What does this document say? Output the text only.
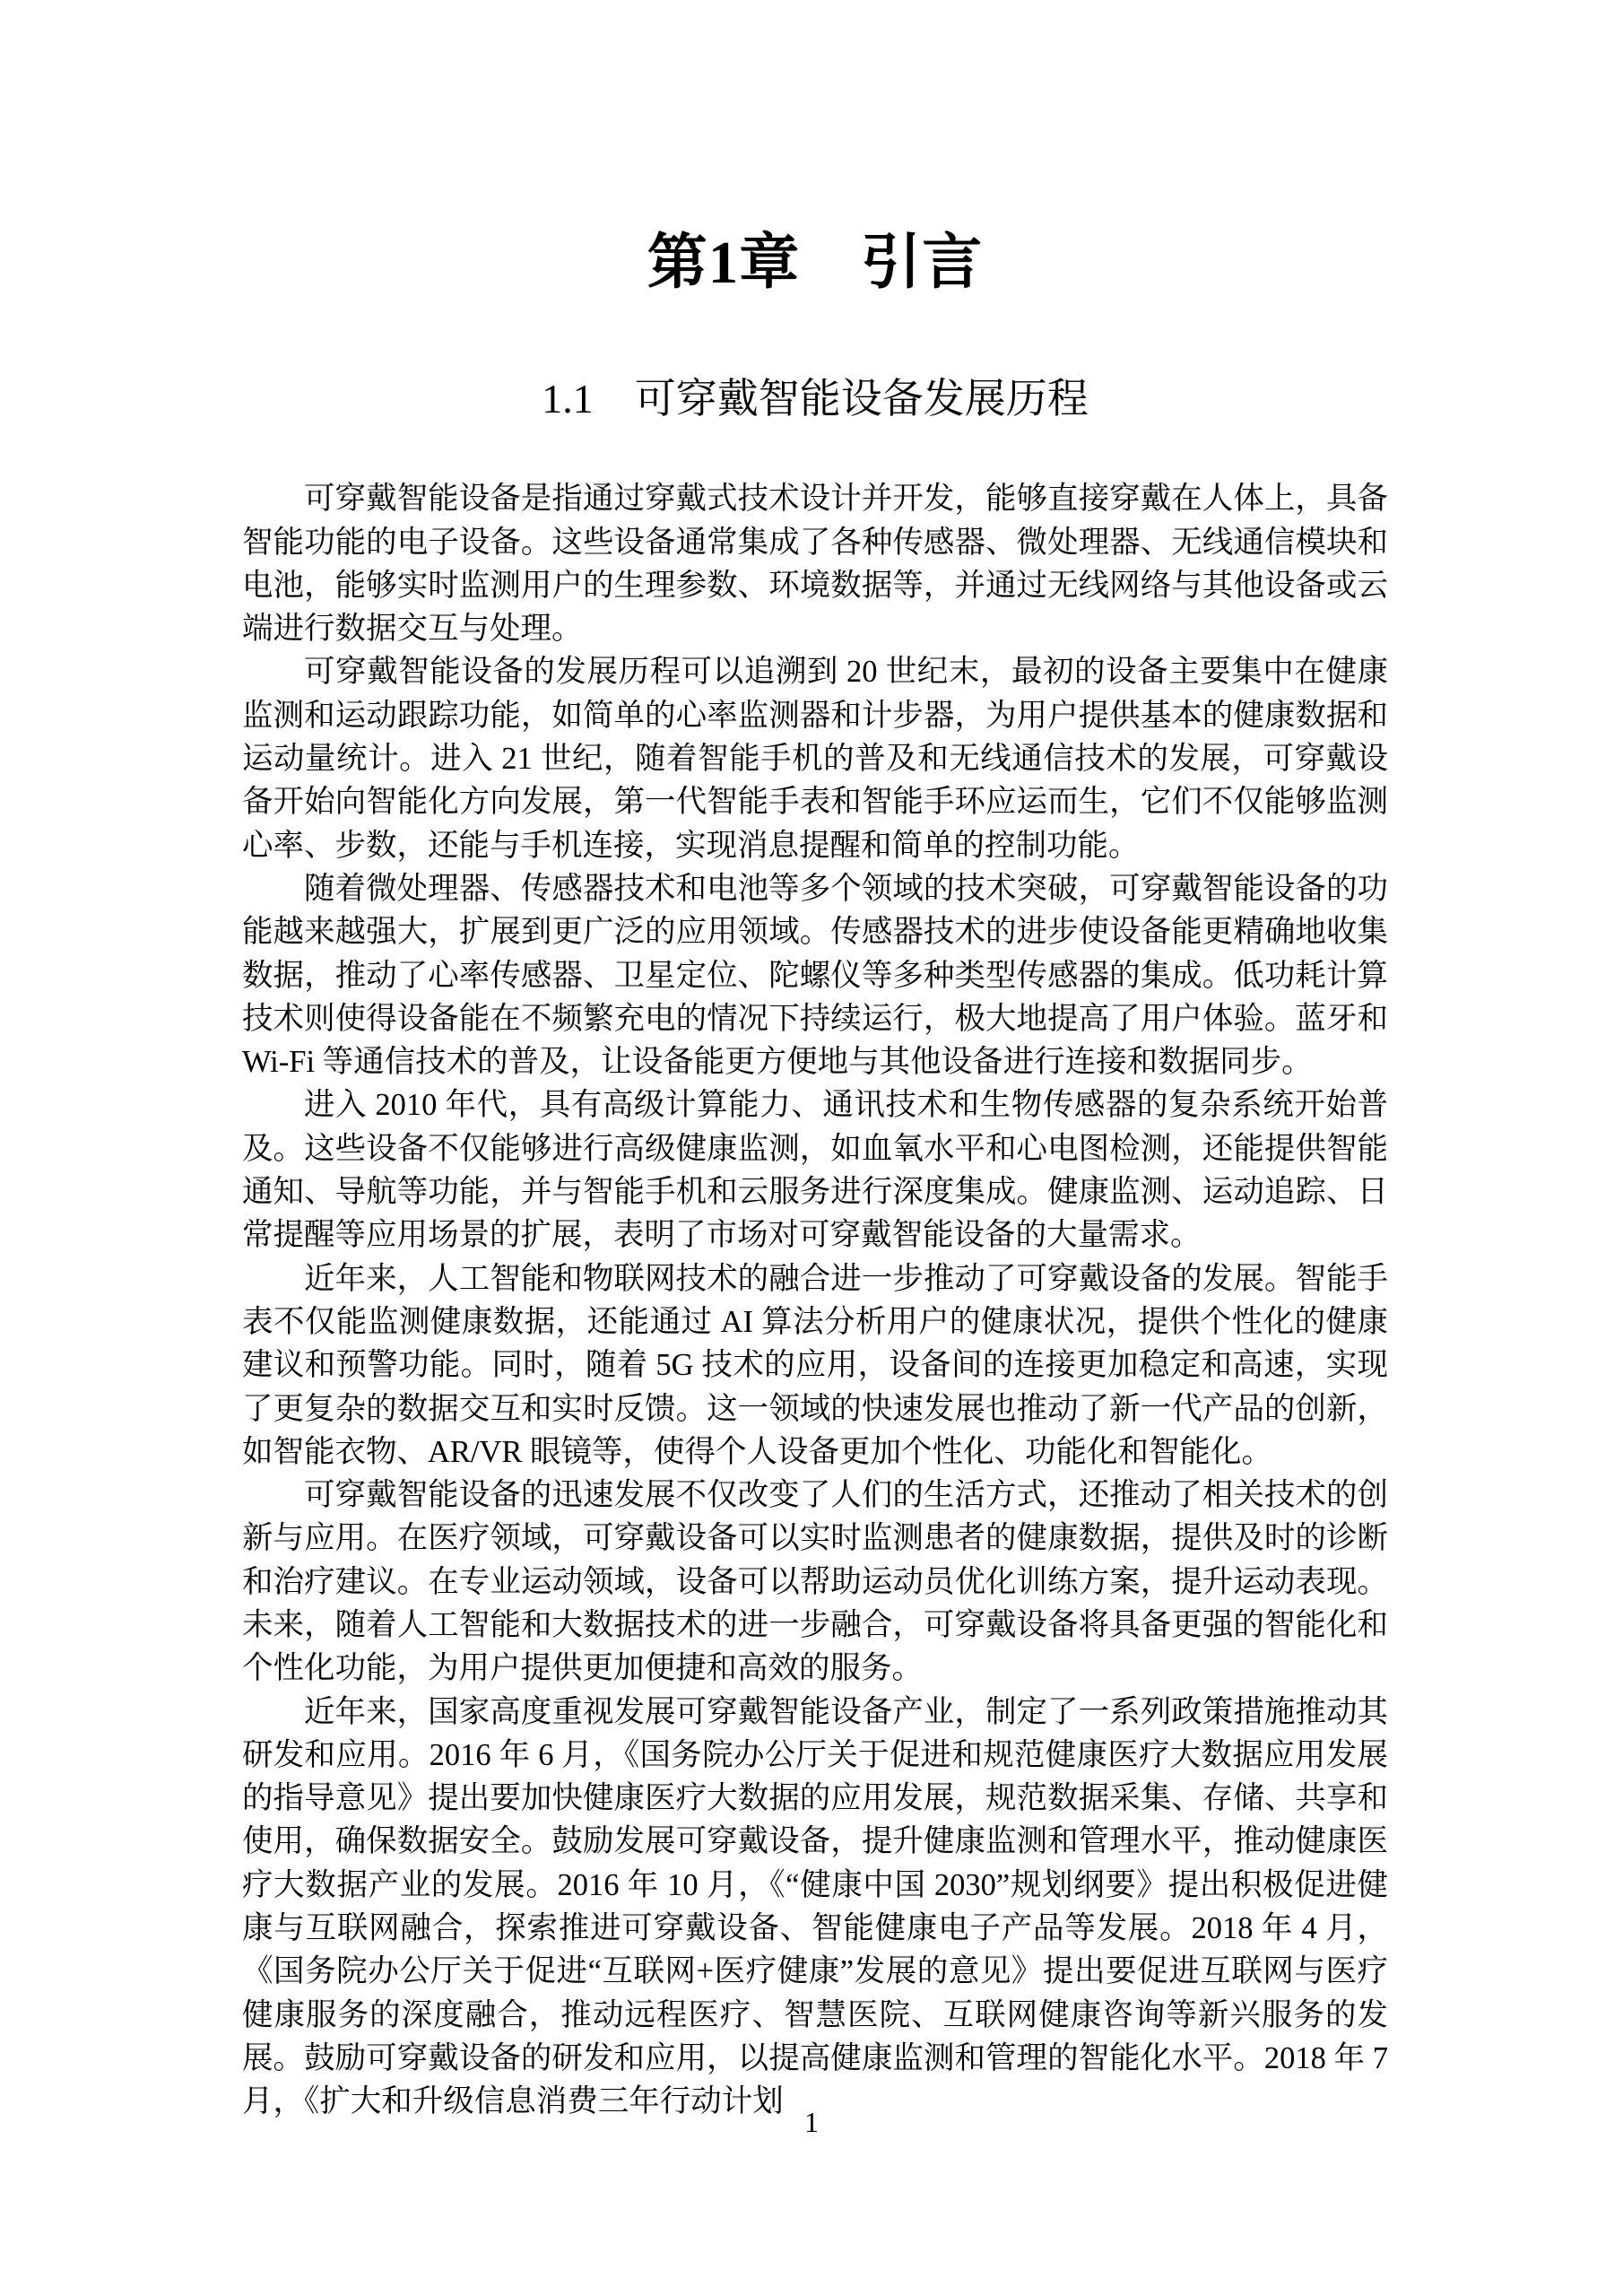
第1章　引言
1.1　可穿戴智能设备发展历程

可穿戴智能设备是指通过穿戴式技术设计并开发，能够直接穿戴在人体上，具备智能功能的电子设备。这些设备通常集成了各种传感器、微处理器、无线通信模块和电池，能够实时监测用户的生理参数、环境数据等，并通过无线网络与其他设备或云端进行数据交互与处理。

可穿戴智能设备的发展历程可以追溯到 20 世纪末，最初的设备主要集中在健康监测和运动跟踪功能，如简单的心率监测器和计步器，为用户提供基本的健康数据和运动量统计。进入 21 世纪，随着智能手机的普及和无线通信技术的发展，可穿戴设备开始向智能化方向发展，第一代智能手表和智能手环应运而生，它们不仅能够监测心率、步数，还能与手机连接，实现消息提醒和简单的控制功能。

随着微处理器、传感器技术和电池等多个领域的技术突破，可穿戴智能设备的功能越来越强大，扩展到更广泛的应用领域。传感器技术的进步使设备能更精确地收集数据，推动了心率传感器、卫星定位、陀螺仪等多种类型传感器的集成。低功耗计算技术则使得设备能在不频繁充电的情况下持续运行，极大地提高了用户体验。蓝牙和 Wi-Fi 等通信技术的普及，让设备能更方便地与其他设备进行连接和数据同步。

进入 2010 年代，具有高级计算能力、通讯技术和生物传感器的复杂系统开始普及。这些设备不仅能够进行高级健康监测，如血氧水平和心电图检测，还能提供智能通知、导航等功能，并与智能手机和云服务进行深度集成。健康监测、运动追踪、日常提醒等应用场景的扩展，表明了市场对可穿戴智能设备的大量需求。

近年来，人工智能和物联网技术的融合进一步推动了可穿戴设备的发展。智能手表不仅能监测健康数据，还能通过 AI 算法分析用户的健康状况，提供个性化的健康建议和预警功能。同时，随着 5G 技术的应用，设备间的连接更加稳定和高速，实现了更复杂的数据交互和实时反馈。这一领域的快速发展也推动了新一代产品的创新，如智能衣物、AR/VR 眼镜等，使得个人设备更加个性化、功能化和智能化。

可穿戴智能设备的迅速发展不仅改变了人们的生活方式，还推动了相关技术的创新与应用。在医疗领域，可穿戴设备可以实时监测患者的健康数据，提供及时的诊断和治疗建议。在专业运动领域，设备可以帮助运动员优化训练方案，提升运动表现。未来，随着人工智能和大数据技术的进一步融合，可穿戴设备将具备更强的智能化和个性化功能，为用户提供更加便捷和高效的服务。

近年来，国家高度重视发展可穿戴智能设备产业，制定了一系列政策措施推动其研发和应用。2016 年 6 月，《国务院办公厅关于促进和规范健康医疗大数据应用发展的指导意见》提出要加快健康医疗大数据的应用发展，规范数据采集、存储、共享和使用，确保数据安全。鼓励发展可穿戴设备，提升健康监测和管理水平，推动健康医疗大数据产业的发展。2016 年 10 月，《“健康中国 2030”规划纲要》提出积极促进健康与互联网融合，探索推进可穿戴设备、智能健康电子产品等发展。2018 年 4 月，《国务院办公厅关于促进“互联网+医疗健康”发展的意见》提出要促进互联网与医疗健康服务的深度融合，推动远程医疗、智慧医院、互联网健康咨询等新兴服务的发展。鼓励可穿戴设备的研发和应用，以提高健康监测和管理的智能化水平。2018 年 7 月，《扩大和升级信息消费三年行动计划

1
